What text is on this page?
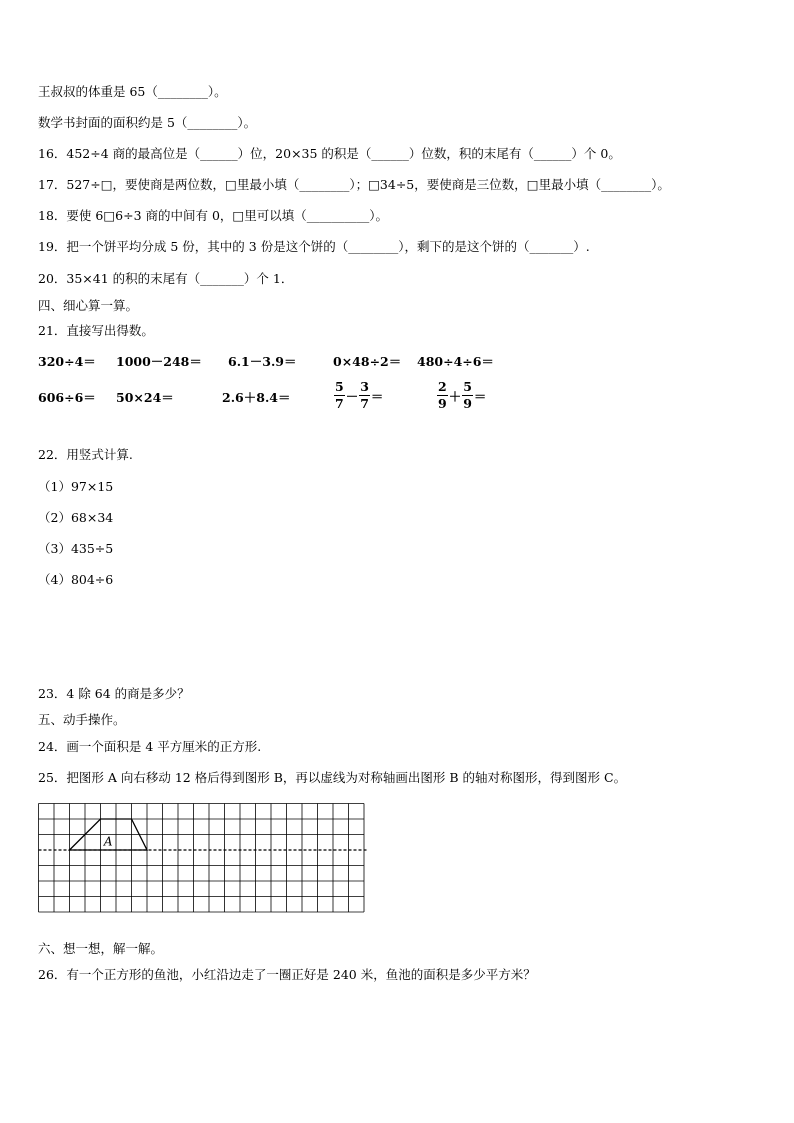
王叔叔的体重是 65（________）。
数学书封面的面积约是 5（________）。
16．452÷4 商的最高位是（______）位，20×35 的积是（______）位数，积的末尾有（______）个 0。
17．527÷□，要使商是两位数，□里最小填（________）；□34÷5，要使商是三位数，□里最小填（________）。
18．要使 6□6÷3 商的中间有 0，□里可以填（__________）。
19．把一个饼平均分成 5 份，其中的 3 份是这个饼的（________），剩下的是这个饼的（_______）.
20．35×41 的积的末尾有（_______）个 1．
四、细心算一算。
21．直接写出得数。
320÷4＝ 1000－248＝ 6.1－3.9＝	0×48÷2＝ 480÷4÷6＝
606÷6＝ 50×24＝	2.6＋8.4＝	$\frac{5}{7} - \frac{3}{7}$ ＝	$\frac{2}{9} + \frac{5}{9}$ ＝
22．用竖式计算.
（1）97×15
（2）68×34
（3）435÷5
（4）804÷6
23．4 除 64 的商是多少？
五、动手操作。
24．画一个面积是 4 平方厘米的正方形.
25．把图形 A 向右移动 12 格后得到图形 B，再以虚线为对称轴画出图形 B 的轴对称图形，得到图形 C。
A
六、想一想，解一解。
26．有一个正方形的鱼池，小红沿边走了一圈正好是 240 米，鱼池的面积是多少平方米？
